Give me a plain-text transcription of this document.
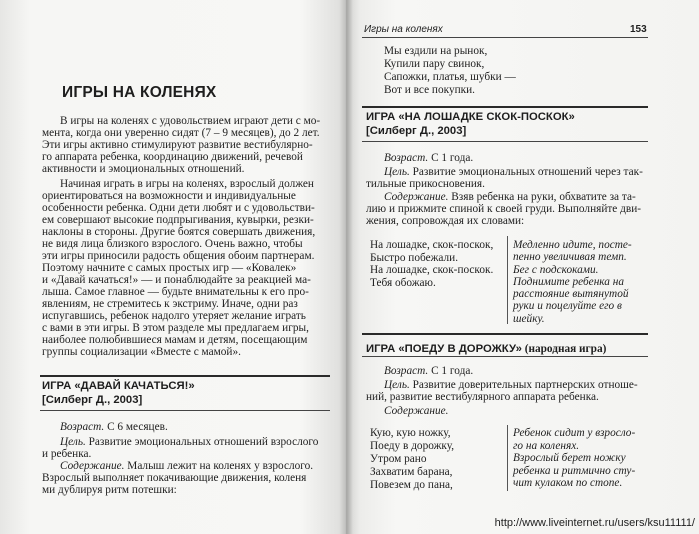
ИГРЫ НА КОЛЕНЯХ
В игры на коленях с удовольствием играют дети с мо-
мента, когда они уверенно сидят (7 – 9 месяцев), до 2 лет.
Эти игры активно стимулируют развитие вестибулярно-
го аппарата ребенка, координацию движений, речевой
активности и эмоциональных отношений.
Начиная играть в игры на коленях, взрослый должен
ориентироваться на возможности и индивидуальные
особенности ребенка. Одни дети любят и с удовольстви-
ем совершают высокие подпрыгивания, кувырки, резки-
наклоны в стороны. Другие боятся совершать движения,
не видя лица близкого взрослого. Очень важно, чтобы
эти игры приносили радость общения обоим партнерам.
Поэтому начните с самых простых игр — «Ковалек»
и «Давай качаться!» — и понаблюдайте за реакцией ма-
лыша. Самое главное — будьте внимательны к его про-
явлениям, не стремитесь к экстриму. Иначе, одни раз
испугавшись, ребенок надолго утеряет желание играть
с вами в эти игры. В этом разделе мы предлагаем игры,
наиболее полюбившиеся мамам и детям, посещающим
группы социализации «Вместе с мамой».
ИГРА «ДАВАЙ КАЧАТЬСЯ!»
[Силберг Д., 2003]
Возраст. С 6 месяцев.
Цель. Развитие эмоциональных отношений взрослого
и ребенка.
Содержание. Малыш лежит на коленях у взрослого.
Взрослый выполняет покачивающие движения, коленя
ми дублируя ритм потешки:
Игры на коленях	153
Мы ездили на рынок,
Купили пару свинок,
Сапожки, платья, шубки —
Вот и все покупки.
ИГРА «НА ЛОШАДКЕ СКОК-ПОСКОК»
[Силберг Д., 2003]
Возраст. С 1 года.
Цель. Развитие эмоциональных отношений через так-
тильные прикосновения.
Содержание. Взяв ребенка на руки, обхватите за та-
лию и прижмите спиной к своей груди. Выполняйте дви-
жения, сопровождая их словами:
На лошадке, скок-поскок,
Быстро побежали.
На лошадке, скок-поскок.
Тебя обожаю.
Медленно идите, посте-
пенно увеличивая темп.
Бег с подскоками.
Поднимите ребенка на
расстояние вытянутой
руки и поцелуйте его в
шейку.
ИГРА «ПОЕДУ В ДОРОЖКУ» (народная игра)
Возраст. С 1 года.
Цель. Развитие доверительных партнерских отноше-
ний, развитие вестибулярного аппарата ребенка.
Содержание.
Кую, кую ножку,
Поеду в дорожку,
Утром рано
Захватим барана,
Повезем до пана,
Ребенок сидит у взросло-
го на коленях.
Взрослый берет ножку
ребенка и ритмично сту-
чит кулаком по стопе.
http://www.liveinternet.ru/users/ksu11111/
